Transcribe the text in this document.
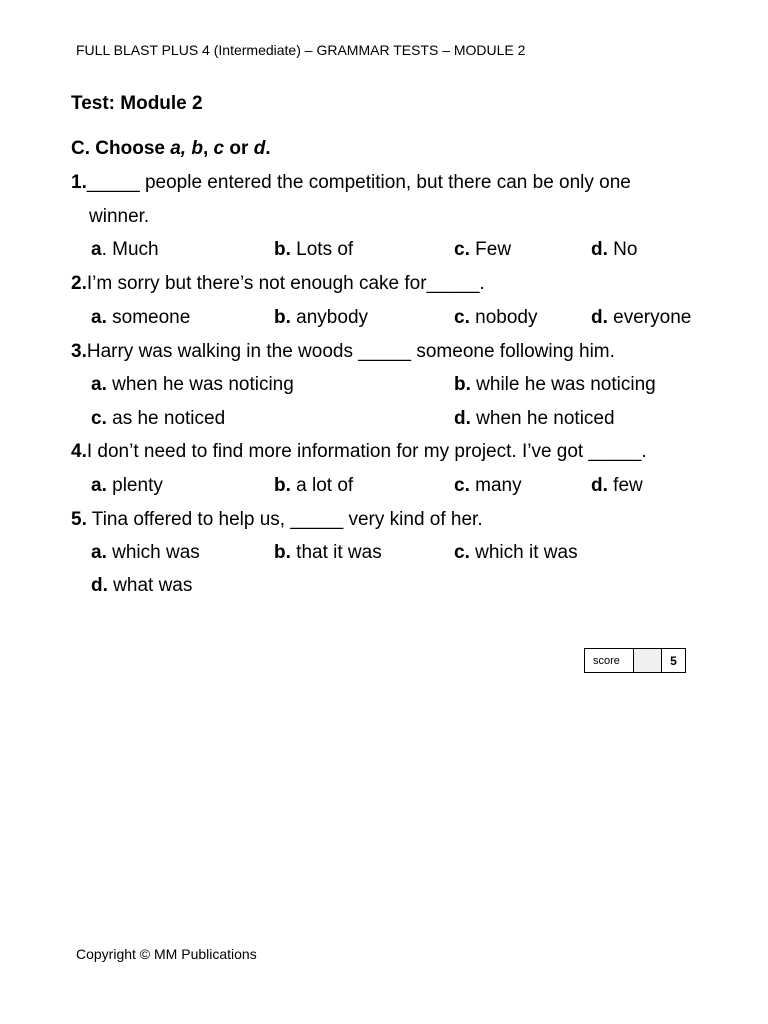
FULL BLAST PLUS 4 (Intermediate) – GRAMMAR TESTS – MODULE 2
Test: Module 2
C. Choose a, b, c or d.
1._____ people entered the competition, but there can be only one
winner.
a. Much	b. Lots of	c. Few	d. No
2.I’m sorry but there’s not enough cake for_____.
a. someone	b. anybody	c. nobody	d. everyone
3.Harry was walking in the woods _____ someone following him.
a. when he was noticing	b. while he was noticing
c. as he noticed	d. when he noticed
4.I don’t need to find more information for my project. I’ve got _____.
a. plenty	b. a lot of	c. many	d. few
5. Tina offered to help us, _____ very kind of her.
a. which was	b. that it was	c. which it was
d. what was
score	5
Copyright © MM Publications
